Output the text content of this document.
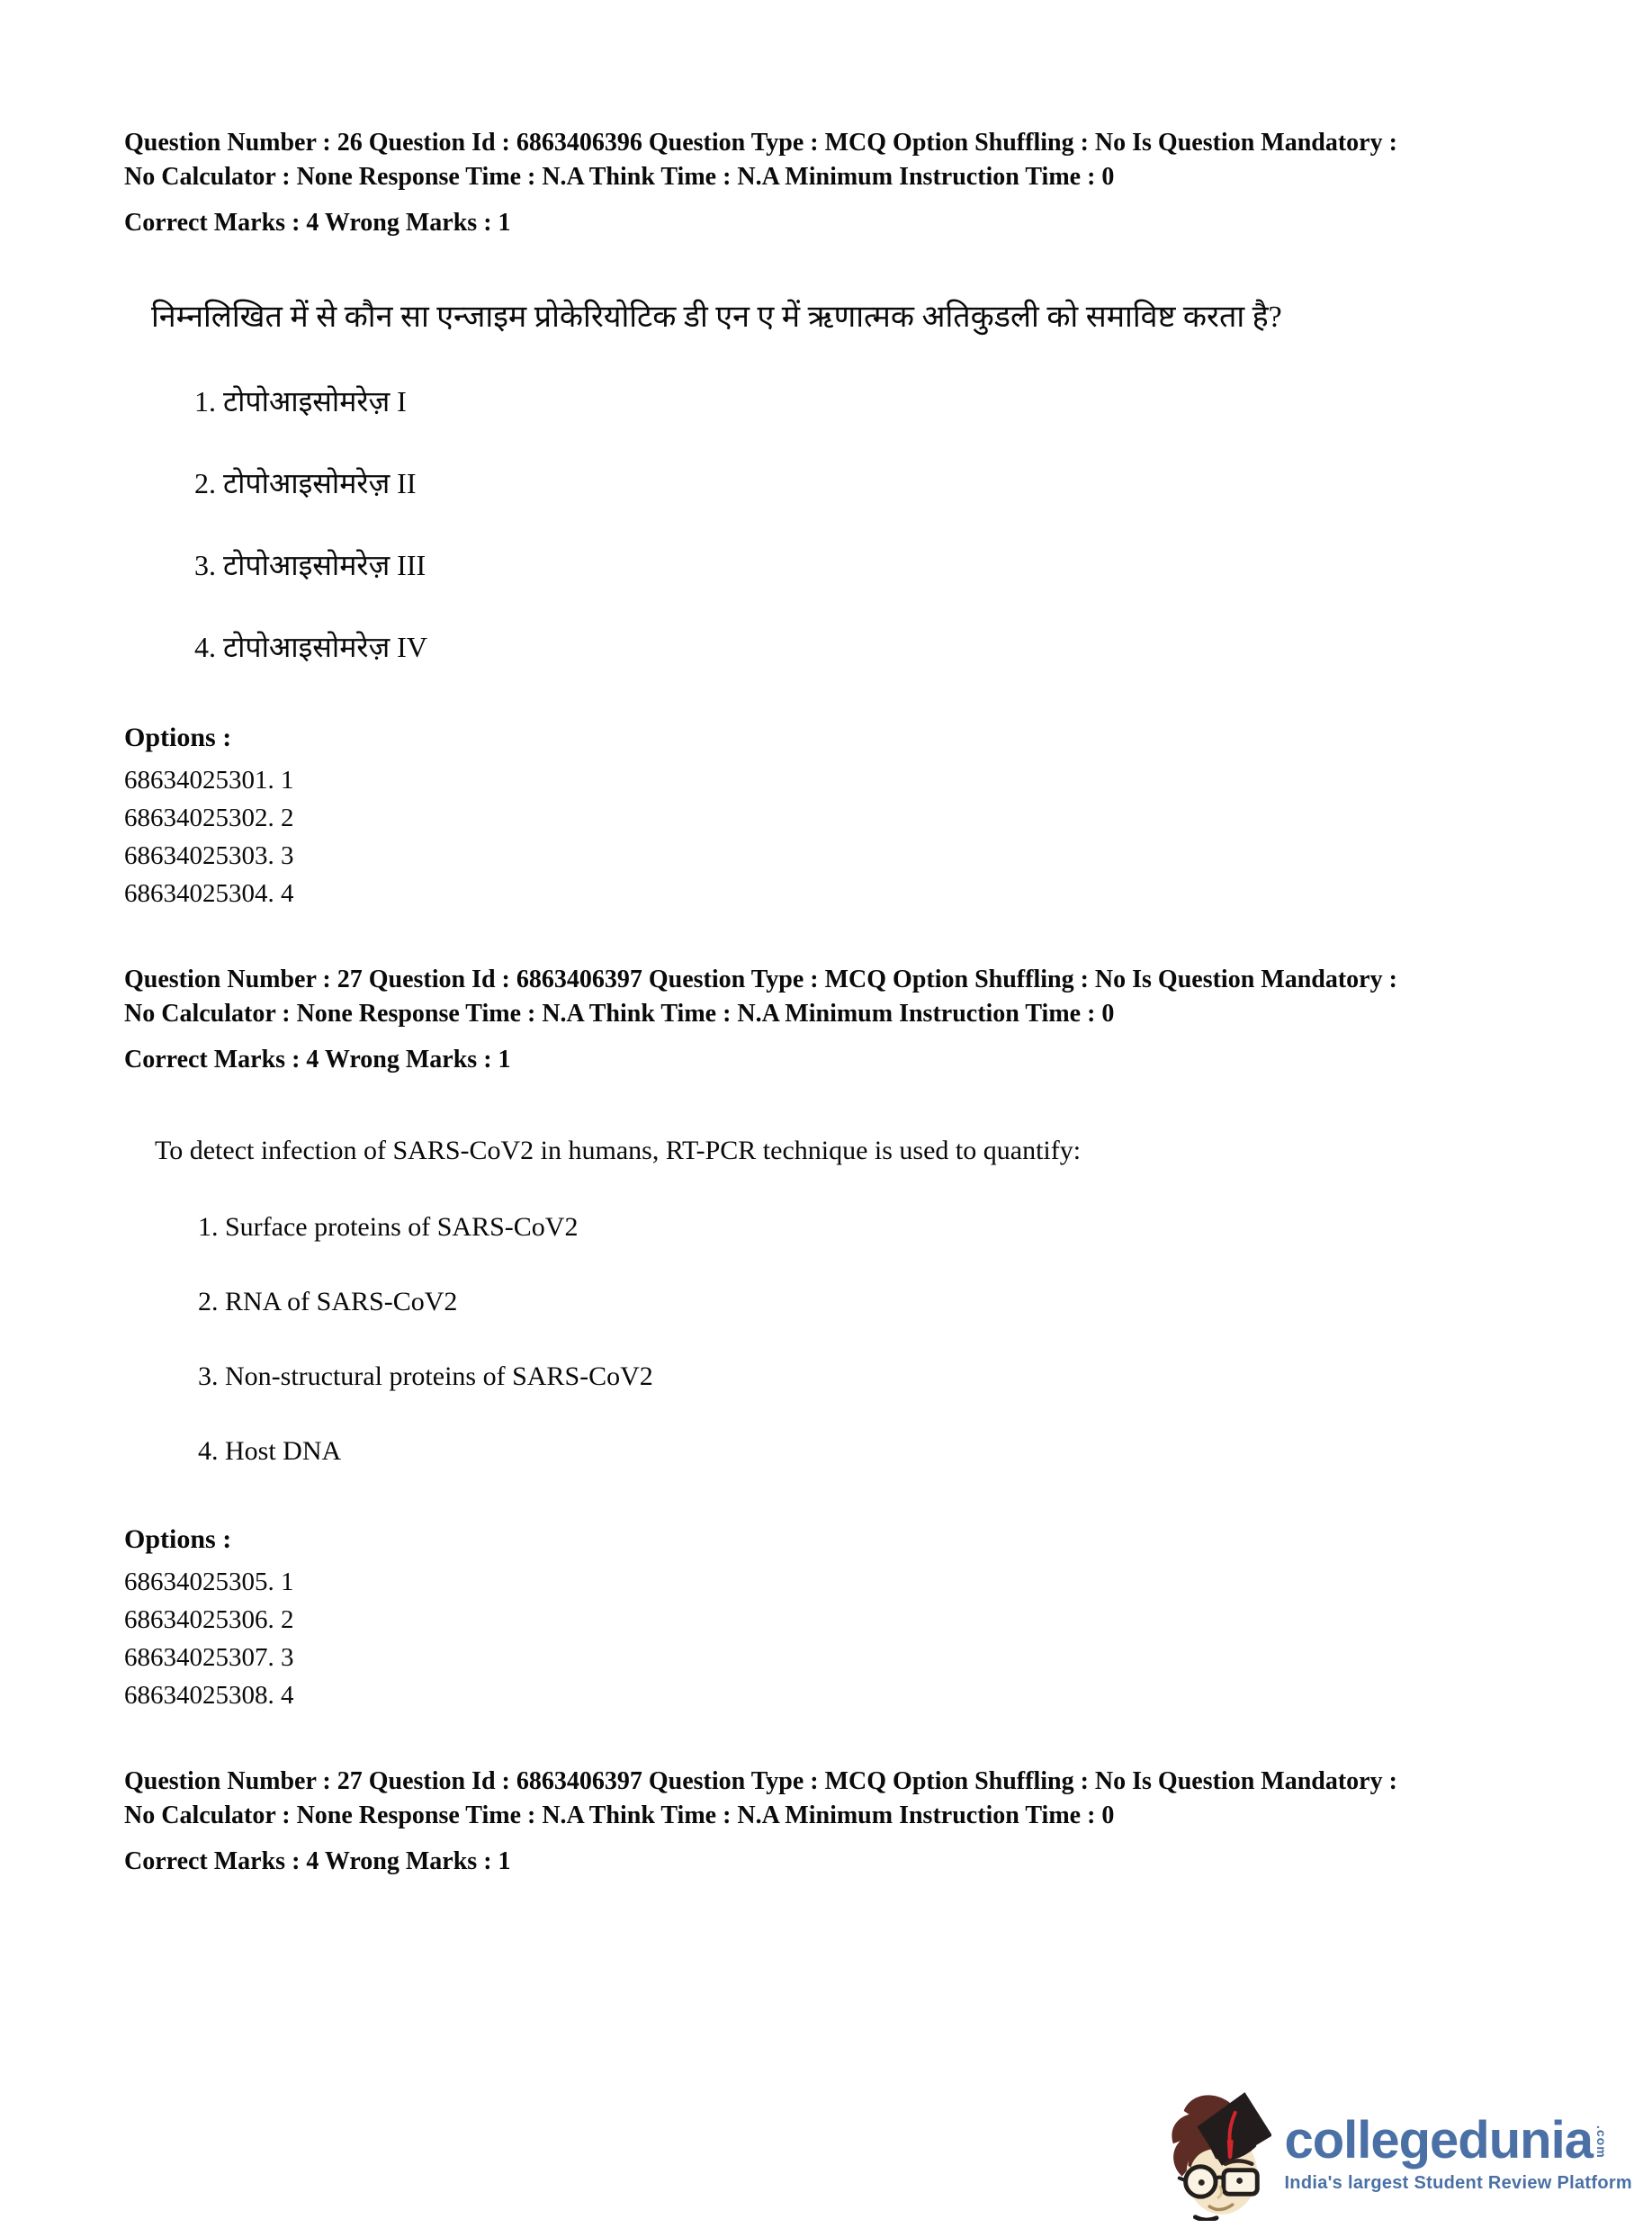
Question Number : 26 Question Id : 6863406396 Question Type : MCQ Option Shuffling : No Is Question Mandatory :

No Calculator : None Response Time : N.A Think Time : N.A Minimum Instruction Time : 0

Correct Marks : 4 Wrong Marks : 1

निम्नलिखित में से कौन सा एन्जाइम प्रोकेरियोटिक डी एन ए में ऋणात्मक अतिकुडली को समाविष्ट करता है?

1. टोपोआइसोमरेज़ I

2. टोपोआइसोमरेज़ II

3. टोपोआइसोमरेज़ III

4. टोपोआइसोमरेज़ IV

Options :

68634025301. 1

68634025302. 2

68634025303. 3

68634025304. 4

Question Number : 27 Question Id : 6863406397 Question Type : MCQ Option Shuffling : No Is Question Mandatory :

No Calculator : None Response Time : N.A Think Time : N.A Minimum Instruction Time : 0

Correct Marks : 4 Wrong Marks : 1

To detect infection of SARS-CoV2 in humans, RT-PCR technique is used to quantify:

1. Surface proteins of SARS-CoV2

2. RNA of SARS-CoV2

3. Non-structural proteins of SARS-CoV2

4. Host DNA

Options :

68634025305. 1

68634025306. 2

68634025307. 3

68634025308. 4

Question Number : 27 Question Id : 6863406397 Question Type : MCQ Option Shuffling : No Is Question Mandatory :

No Calculator : None Response Time : N.A Think Time : N.A Minimum Instruction Time : 0

Correct Marks : 4 Wrong Marks : 1

collegedunia .com
India's largest Student Review Platform
